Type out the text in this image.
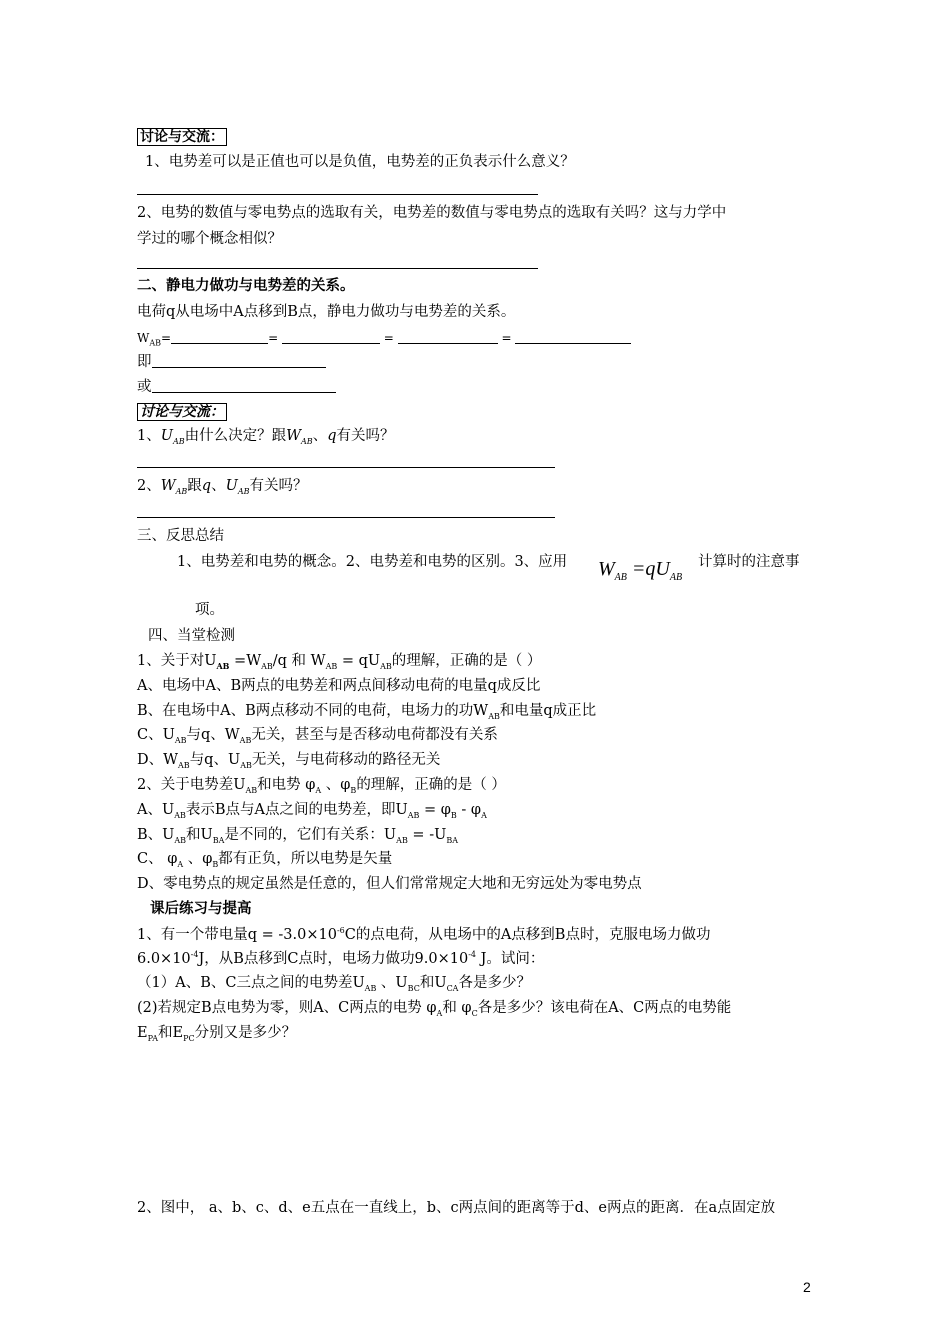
讨论与交流：
1、电势差可以是正值也可以是负值，电势差的正负表示什么意义？
2、电势的数值与零电势点的选取有关，电势差的数值与零电势点的选取有关吗？这与力学中
学过的哪个概念相似？
二、静电力做功与电势差的关系。
电荷q从电场中A点移到B点，静电力做功与电势差的关系。
$W_{AB}=$	=	=	=
即
或
讨论与交流：
1、$U_{AB}$由什么决定？跟$W_{AB}$、q有关吗？
2、$W_{AB}$跟q、$U_{AB}$有关吗？
三、反思总结
1、电势差和电势的概念。2、电势差和电势的区别。3、应用 $W_{AB} =qU_{AB}$
计算时的注意事
项。
四、当堂检测
1、关于对$U_{AB} =W_{AB}/q$ 和 $W_{AB} = qU_{AB}$的理解，正确的是（ ）
A、电场中A、B两点的电势差和两点间移动电荷的电量q成反比
B、在电场中A、B两点移动不同的电荷，电场力的功$W_{AB}$和电量q成正比
C、$U_{AB}$与q、$W_{AB}$无关，甚至与是否移动电荷都没有关系
D、$W_{AB}$与q、$U_{AB}$无关，与电荷移动的路径无关
2、关于电势差$U_{AB}$和电势 $\varphi_A$ 、$\varphi_B$的理解，正确的是（ ）
A、$U_{AB}$表示B点与A点之间的电势差，即$U_{AB} = \varphi_B - \varphi_A$
B、$U_{AB}$和$U_{BA}$是不同的，它们有关系：$U_{AB} = -U_{BA}$
C、 $\varphi_A$ 、$\varphi_B$都有正负，所以电势是矢量
D、零电势点的规定虽然是任意的，但人们常常规定大地和无穷远处为零电势点
课后练习与提高
1、有一个带电量$q = -3.0\times 10^{-6}C$的点电荷，从电场中的A点移到B点时，克服电场力做功
$6.0\times 10^{-4}J$，从B点移到C点时，电场力做功$9.0\times 10^{-4}$ J。试问：
（1）A、B、C三点之间的电势差$U_{AB}$ 、$U_{BC}$和$U_{CA}$各是多少？
(2)若规定B点电势为零，则A、C两点的电势 $\varphi_A$和 $\varphi_C$各是多少？该电荷在A、C两点的电势能
$E_{PA}$和$E_{PC}$分别又是多少？
2、图中， a、b、c、d、e五点在一直线上，b、c两点间的距离等于d、e两点的距离．在a点固定放
2
